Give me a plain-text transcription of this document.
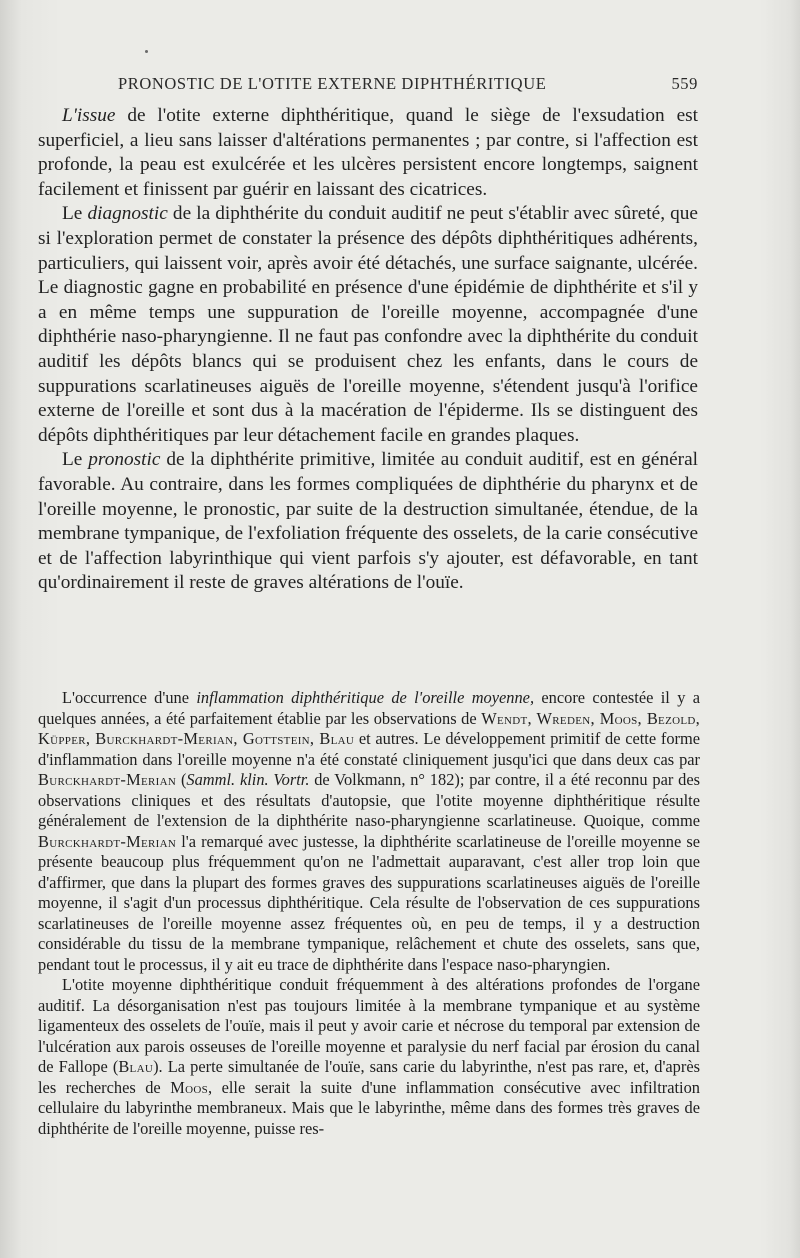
PRONOSTIC DE L'OTITE EXTERNE DIPHTHÉRITIQUE	559

L'issue de l'otite externe diphthéritique, quand le siège de l'exsudation est superficiel, a lieu sans laisser d'altérations permanentes ; par contre, si l'affection est profonde, la peau est exulcérée et les ulcères persistent encore longtemps, saignent facilement et finissent par guérir en laissant des cicatrices.

Le diagnostic de la diphthérite du conduit auditif ne peut s'établir avec sûreté, que si l'exploration permet de constater la présence des dépôts diphthéritiques adhérents, particuliers, qui laissent voir, après avoir été détachés, une surface saignante, ulcérée. Le diagnostic gagne en probabilité en présence d'une épidémie de diphthérite et s'il y a en même temps une suppuration de l'oreille moyenne, accompagnée d'une diphthérie naso-pharyngienne. Il ne faut pas confondre avec la diphthérite du conduit auditif les dépôts blancs qui se produisent chez les enfants, dans le cours de suppurations scarlatineuses aiguës de l'oreille moyenne, s'étendent jusqu'à l'orifice externe de l'oreille et sont dus à la macération de l'épiderme. Ils se distinguent des dépôts diphthéritiques par leur détachement facile en grandes plaques.

Le pronostic de la diphthérite primitive, limitée au conduit auditif, est en général favorable. Au contraire, dans les formes compliquées de diphthérie du pharynx et de l'oreille moyenne, le pronostic, par suite de la destruction simultanée, étendue, de la membrane tympanique, de l'exfoliation fréquente des osselets, de la carie consécutive et de l'affection labyrinthique qui vient parfois s'y ajouter, est défavorable, en tant qu'ordinairement il reste de graves altérations de l'ouïe.

L'occurrence d'une inflammation diphthéritique de l'oreille moyenne, encore contestée il y a quelques années, a été parfaitement établie par les observations de Wendt, Wreden, Moos, Bezold, Küpper, Burckhardt-Merian, Gottstein, Blau et autres. Le développement primitif de cette forme d'inflammation dans l'oreille moyenne n'a été constaté cliniquement jusqu'ici que dans deux cas par Burckhardt-Merian (Samml. klin. Vortr. de Volkmann, n° 182); par contre, il a été reconnu par des observations cliniques et des résultats d'autopsie, que l'otite moyenne diphthéritique résulte généralement de l'extension de la diphthérite naso-pharyngienne scarlatineuse. Quoique, comme Burckhardt-Merian l'a remarqué avec justesse, la diphthérite scarlatineuse de l'oreille moyenne se présente beaucoup plus fréquemment qu'on ne l'admettait auparavant, c'est aller trop loin que d'affirmer, que dans la plupart des formes graves des suppurations scarlatineuses aiguës de l'oreille moyenne, il s'agit d'un processus diphthéritique. Cela résulte de l'observation de ces suppurations scarlatineuses de l'oreille moyenne assez fréquentes où, en peu de temps, il y a destruction considérable du tissu de la membrane tympanique, relâchement et chute des osselets, sans que, pendant tout le processus, il y ait eu trace de diphthérite dans l'espace naso-pharyngien.

L'otite moyenne diphthéritique conduit fréquemment à des altérations profondes de l'organe auditif. La désorganisation n'est pas toujours limitée à la membrane tympanique et au système ligamenteux des osselets de l'ouïe, mais il peut y avoir carie et nécrose du temporal par extension de l'ulcération aux parois osseuses de l'oreille moyenne et paralysie du nerf facial par érosion du canal de Fallope (Blau). La perte simultanée de l'ouïe, sans carie du labyrinthe, n'est pas rare, et, d'après les recherches de Moos, elle serait la suite d'une inflammation consécutive avec infiltration cellulaire du labyrinthe membraneux. Mais que le labyrinthe, même dans des formes très graves de diphthérite de l'oreille moyenne, puisse res-
